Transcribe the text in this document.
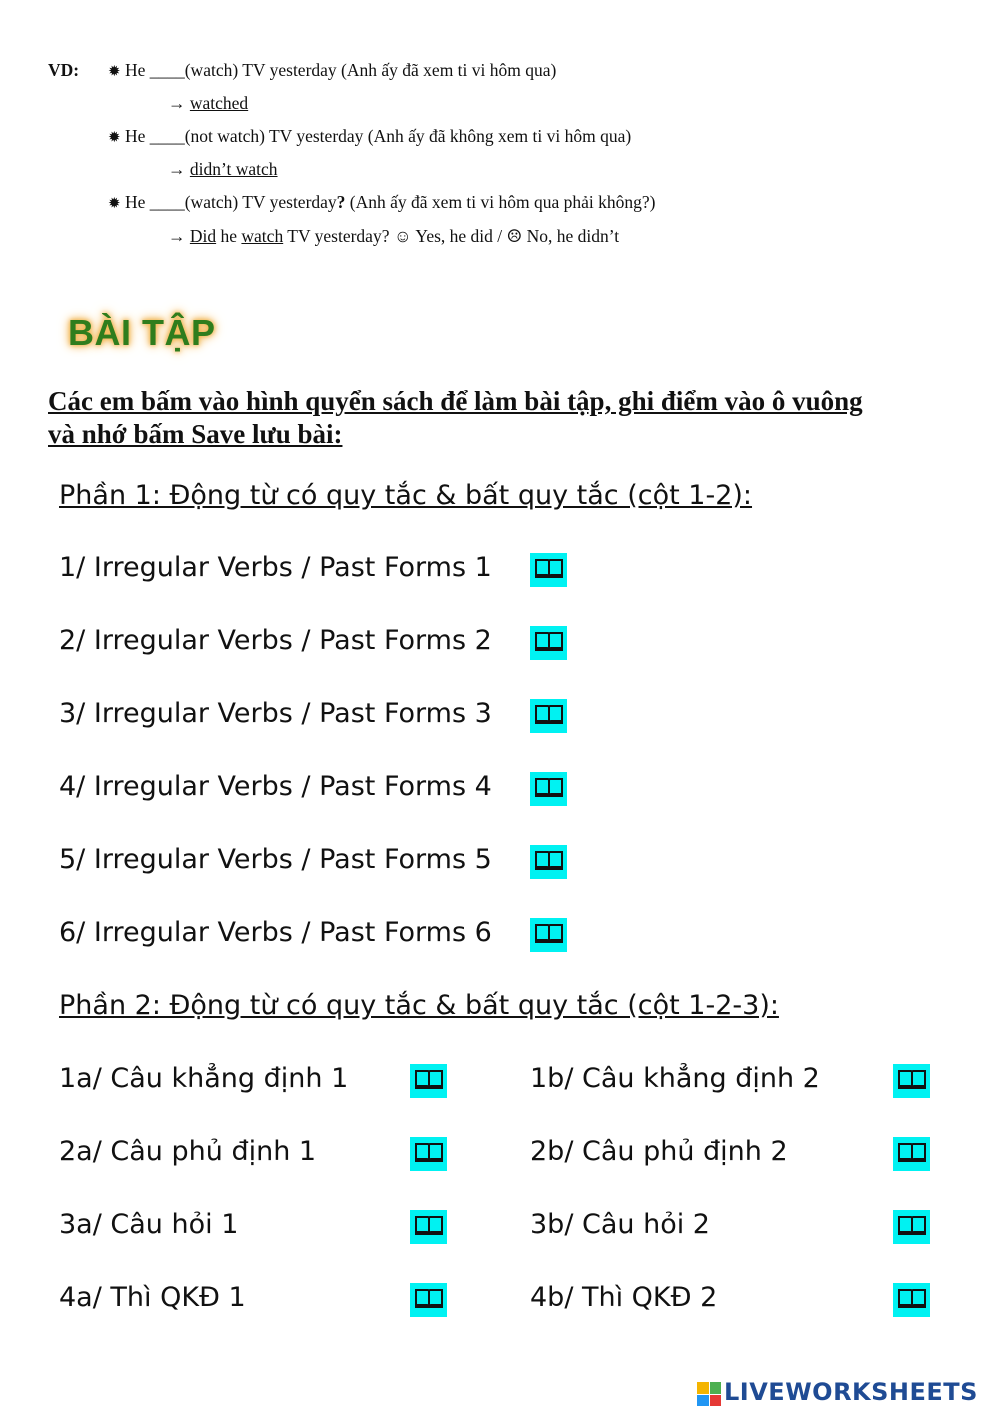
VD: ✹ He ____(watch) TV yesterday (Anh ấy đã xem ti vi hôm qua)
→ watched
✹ He ____(not watch) TV yesterday (Anh ấy đã không xem ti vi hôm qua)
→ didn’t watch
✹ He ____(watch) TV yesterday? (Anh ấy đã xem ti vi hôm qua phải không?)
→ Did he watch TV yesterday? ☺ Yes, he did / ☹ No, he didn’t
BÀI TẬP
Các em bấm vào hình quyển sách để làm bài tập, ghi điểm vào ô vuông
và nhớ bấm Save lưu bài:
Phần 1: Động từ có quy tắc & bất quy tắc (cột 1-2):
1/ Irregular Verbs / Past Forms 1
2/ Irregular Verbs / Past Forms 2
3/ Irregular Verbs / Past Forms 3
4/ Irregular Verbs / Past Forms 4
5/ Irregular Verbs / Past Forms 5
6/ Irregular Verbs / Past Forms 6
Phần 2: Động từ có quy tắc & bất quy tắc (cột 1-2-3):
1a/ Câu khẳng định 1
2a/ Câu phủ định 1
3a/ Câu hỏi 1
4a/ Thì QKĐ 1
1b/ Câu khẳng định 2
2b/ Câu phủ định 2
3b/ Câu hỏi 2
4b/ Thì QKĐ 2
LIVEWORKSHEETS
